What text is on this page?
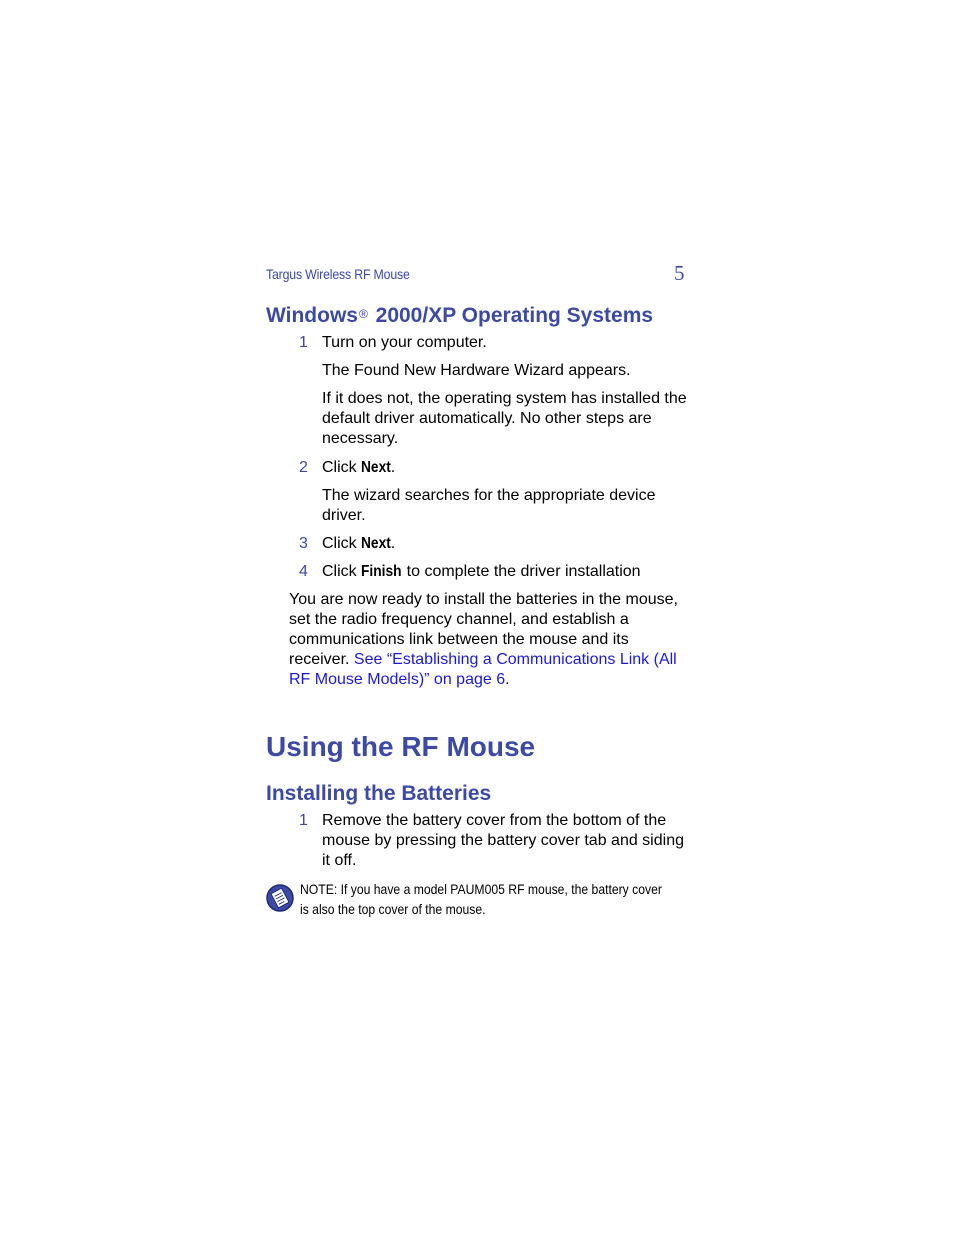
Targus Wireless RF Mouse	5
Windows® 2000/XP Operating Systems
1 Turn on your computer.
The Found New Hardware Wizard appears.
If it does not, the operating system has installed the default driver automatically. No other steps are necessary.
2 Click Next.
The wizard searches for the appropriate device driver.
3 Click Next.
4 Click Finish to complete the driver installation
You are now ready to install the batteries in the mouse, set the radio frequency channel, and establish a communications link between the mouse and its receiver. See “Establishing a Communications Link (All RF Mouse Models)” on page 6.
Using the RF Mouse
Installing the Batteries
1 Remove the battery cover from the bottom of the mouse by pressing the battery cover tab and siding it off.
NOTE: If you have a model PAUM005 RF mouse, the battery cover is also the top cover of the mouse.
